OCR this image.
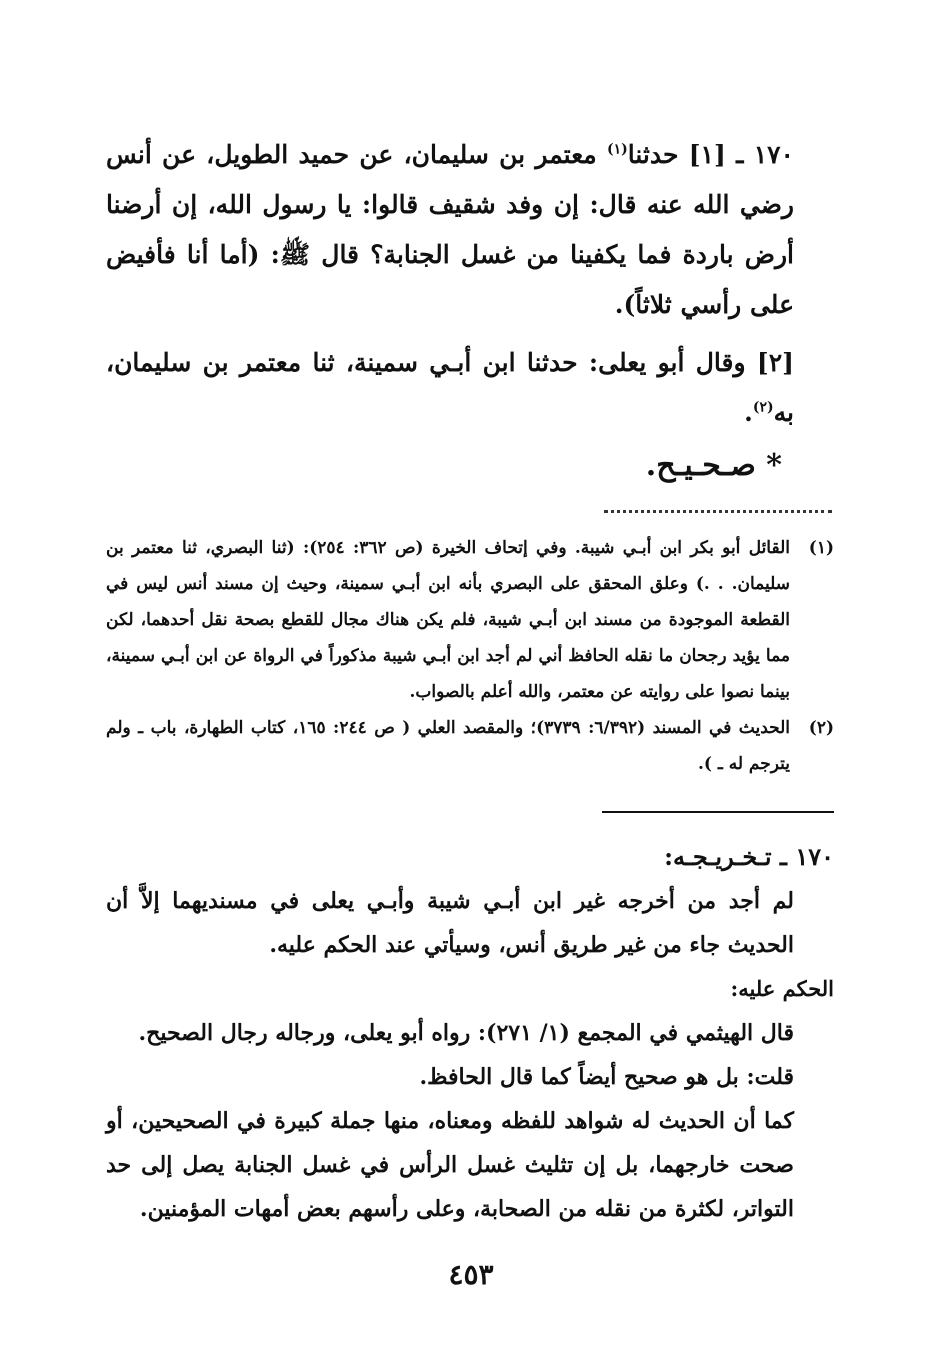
١٧٠ ـ [١] حدثنا$^{(١)}$ معتمر بن سليمان، عن حميد الطويل، عن أنس رضي الله عنه قال: إن وفد شقيف قالوا: يا رسول الله، إن أرضنا أرض باردة فما يكفينا من غسل الجنابة؟ قال ﷺ: (أما أنا فأفيض على رأسي ثلاثاً).

[٢] وقال أبو يعلى: حدثنا ابن أبـي سمينة، ثنا معتمر بن سليمان، به$^{(٢)}$.

* صـحـيـح.
(١)
القائل أبو بكر ابن أبـي شيبة. وفي إتحاف الخيرة (ص ٣٦٢: ٢٥٤): (ثنا البصري، ثنا معتمر بن سليمان. . .) وعلق المحقق على البصري بأنه ابن أبـي سمينة، وحيث إن مسند أنس ليس في القطعة الموجودة من مسند ابن أبـي شيبة، فلم يكن هناك مجال للقطع بصحة نقل أحدهما، لكن مما يؤيد رجحان ما نقله الحافظ أني لم أجد ابن أبـي شيبة مذكوراً في الرواة عن ابن أبـي سمينة، بينما نصوا على روايته عن معتمر، والله أعلم بالصواب.
(٢)
الحديث في المسند (٦/٣٩٢: ٣٧٣٩)؛ والمقصد العلي ( ص ٢٤٤: ١٦٥، كتاب الطهارة، باب ـ ولم يترجم له ـ ).

١٧٠ ـ تـخـريـجـه:

لم أجد من أخرجه غير ابن أبـي شيبة وأبـي يعلى في مسنديهما إلاَّ أن الحديث جاء من غير طريق أنس، وسيأتي عند الحكم عليه.

الحكم عليه:

قال الهيثمي في المجمع (١/ ٢٧١): رواه أبو يعلى، ورجاله رجال الصحيح.

قلت: بل هو صحيح أيضاً كما قال الحافظ.

كما أن الحديث له شواهد للفظه ومعناه، منها جملة كبيرة في الصحيحين، أو صحت خارجهما، بل إن تثليث غسل الرأس في غسل الجنابة يصل إلى حد التواتر، لكثرة من نقله من الصحابة، وعلى رأسهم بعض أمهات المؤمنين.

٤٥٣
